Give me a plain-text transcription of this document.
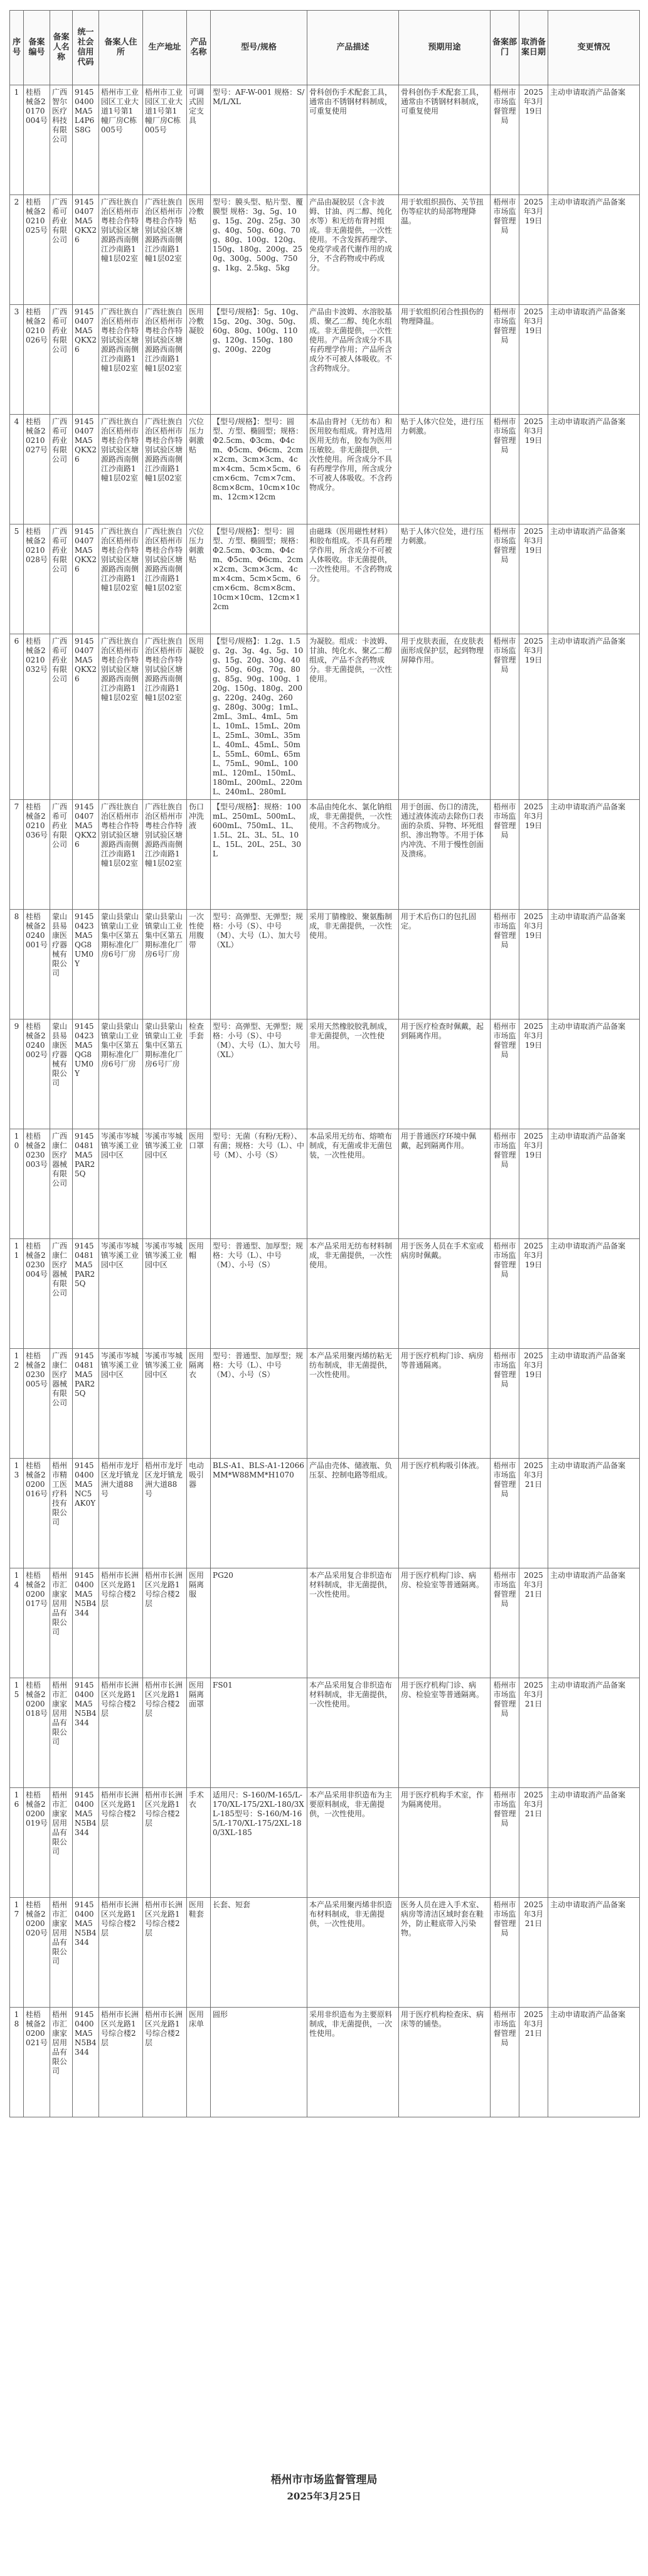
序号	备案编号	备案人名称	统一社会信用代码	备案人住所	生产地址	产品名称	型号/规格	产品描述	预期用途	备案部门	取消备案日期	变更情况
1	桂梧械备20170004号	广西智尔医疗科技有限公司	91450400MA5L4P6S8G	梧州市工业园区工业大道1号第1幢厂房C栋005号	梧州市工业园区工业大道1号第1幢厂房C栋005号	可调式固定支具	型号：AF-W-001 规格：S/M/L/XL	骨科创伤手术配套工具，通常由不锈钢材料制成，可重复使用	骨科创伤手术配套工具，通常由不锈钢材料制成，可重复使用	梧州市市场监督管理局	2025年3月19日	主动申请取消产品备案
2	桂梧械备20210025号	广西希可药业有限公司	91450407MA5QKX26	广西壮族自治区梧州市粤桂合作特别试验区塘源路西南侧江沙南路1幢1层02室	广西壮族自治区梧州市粤桂合作特别试验区塘源路西南侧江沙南路1幢1层02室	医用冷敷贴	型号：膜头型、贴片型、覆膜型 规格：3g、5g、10g、15g、20g、25g、30g、40g、50g、60g、70g、80g、100g、120g、150g、180g、200g、250g、300g、500g、750g、1kg、2.5kg、5kg	产品由凝胶层（含卡波姆、甘油、丙二醇、纯化水等）和无纺布背衬组成。非无菌提供，一次性使用。不含发挥药理学、免疫学或者代谢作用的成分，不含药物或中药成分。	用于软组织损伤、关节扭伤等症状的局部物理降温。	梧州市市场监督管理局	2025年3月19日	主动申请取消产品备案
3	桂梧械备20210026号	广西希可药业有限公司	91450407MA5QKX26	广西壮族自治区梧州市粤桂合作特别试验区塘源路西南侧江沙南路1幢1层02室	广西壮族自治区梧州市粤桂合作特别试验区塘源路西南侧江沙南路1幢1层02室	医用冷敷凝胶	【型号/规格】：5g、10g、15g、20g、30g、50g、60g、80g、100g、110g、120g、150g、180g、200g、220g	产品由卡波姆、水溶胶基质、聚乙二醇、纯化水组成。非无菌提供，一次性使用。产品所含成分不具有药理学作用；产品所含成分不可被人体吸收。不含药物成分。	用于软组织闭合性损伤的物理降温。	梧州市市场监督管理局	2025年3月19日	主动申请取消产品备案
4	桂梧械备20210027号	广西希可药业有限公司	91450407MA5QKX26	广西壮族自治区梧州市粤桂合作特别试验区塘源路西南侧江沙南路1幢1层02室	广西壮族自治区梧州市粤桂合作特别试验区塘源路西南侧江沙南路1幢1层02室	穴位压力刺激贴	【型号/规格】：型号：圆型、方型、椭圆型；规格：Φ2.5cm、Φ3cm、Φ4cm、Φ5cm、Φ6cm、2cm×2cm、3cm×3cm、4cm×4cm、5cm×5cm、6cm×6cm、7cm×7cm、8cm×8cm、10cm×10cm、12cm×12cm	本品由背衬（无纺布）和医用胶布组成。背衬选用医用无纺布，胶布为医用压敏胶。非无菌提供，一次性使用。所含成分不具有药理学作用，所含成分不可被人体吸收。不含药物成分。	贴于人体穴位处，进行压力刺激。	梧州市市场监督管理局	2025年3月19日	主动申请取消产品备案
5	桂梧械备20210028号	广西希可药业有限公司	91450407MA5QKX26	广西壮族自治区梧州市粤桂合作特别试验区塘源路西南侧江沙南路1幢1层02室	广西壮族自治区梧州市粤桂合作特别试验区塘源路西南侧江沙南路1幢1层02室	穴位压力刺激贴	【型号/规格】：型号：圆型、方型、椭圆型；规格：Φ2.5cm、Φ3cm、Φ4cm、Φ5cm、Φ6cm、2cm×2cm、3cm×3cm、4cm×4cm、5cm×5cm、6cm×6cm、8cm×8cm、10cm×10cm、12cm×12cm	由磁珠（医用磁性材料）和胶布组成。不具有药理学作用，所含成分不可被人体吸收。非无菌提供，一次性使用。不含药物成分。	贴于人体穴位处，进行压力刺激。	梧州市市场监督管理局	2025年3月19日	主动申请取消产品备案
6	桂梧械备20210032号	广西希可药业有限公司	91450407MA5QKX26	广西壮族自治区梧州市粤桂合作特别试验区塘源路西南侧江沙南路1幢1层02室	广西壮族自治区梧州市粤桂合作特别试验区塘源路西南侧江沙南路1幢1层02室	医用凝胶	【型号/规格】：1.2g、1.5g、2g、3g、4g、5g、10g、15g、20g、30g、40g、50g、60g、70g、80g、85g、90g、100g、120g、150g、180g、200g、220g、240g、260g、280g、300g；1mL、2mL、3mL、4mL、5mL、10mL、15mL、20mL、25mL、30mL、35mL、40mL、45mL、50mL、55mL、60mL、65mL、75mL、90mL、100mL、120mL、150mL、180mL、200mL、220mL、240mL、280mL	为凝胶。组成：卡波姆、甘油、纯化水、聚乙二醇组成，产品不含药物成分。非无菌提供，一次性使用。	用于皮肤表面，在皮肤表面形成保护层，起到物理屏障作用。	梧州市市场监督管理局	2025年3月19日	主动申请取消产品备案
7	桂梧械备20210036号	广西希可药业有限公司	91450407MA5QKX26	广西壮族自治区梧州市粤桂合作特别试验区塘源路西南侧江沙南路1幢1层02室	广西壮族自治区梧州市粤桂合作特别试验区塘源路西南侧江沙南路1幢1层02室	伤口冲洗液	【型号/规格】：规格：100mL、250mL、500mL、600mL、750mL、1L、1.5L、2L、3L、5L、10L、15L、20L、25L、30L	本品由纯化水、氯化钠组成，非无菌提供，一次性使用。不含药物成分。	用于创面、伤口的清洗，通过液体流动去除伤口表面的杂质、异物、坏死组织、渗出物等。不用于体内冲洗、不用于慢性创面及溃疡。	梧州市市场监督管理局	2025年3月19日	主动申请取消产品备案
8	桂梧械备20240001号	蒙山县易康医疗器械有限公司	91450423MA5QG8UM0Y	蒙山县蒙山镇蒙山工业集中区第五期标准化厂房6号厂房	蒙山县蒙山镇蒙山工业集中区第五期标准化厂房6号厂房	一次性使用腹带	型号：高弹型、无弹型；规格：小号（S）、中号（M）、大号（L）、加大号（XL）	采用丁腈橡胶、聚氨酯制成，非无菌提供，一次性使用。	用于术后伤口的包扎固定。	梧州市市场监督管理局	2025年3月19日	主动申请取消产品备案
9	桂梧械备20240002号	蒙山县易康医疗器械有限公司	91450423MA5QG8UM0Y	蒙山县蒙山镇蒙山工业集中区第五期标准化厂房6号厂房	蒙山县蒙山镇蒙山工业集中区第五期标准化厂房6号厂房	检查手套	型号：高弹型、无弹型；规格：小号（S）、中号（M）、大号（L）、加大号（XL）	采用天然橡胶胶乳制成，非无菌提供，一次性使用。	用于医疗检查时佩戴，起到隔离作用。	梧州市市场监督管理局	2025年3月19日	主动申请取消产品备案
10	桂梧械备20230003号	广西康仁医疗器械有限公司	91450481MA5PAR25Q	岑溪市岑城镇岑溪工业园中区	岑溪市岑城镇岑溪工业园中区	医用口罩	型号：无菌（有粉/无粉）、有菌；规格：大号（L）、中号（M）、小号（S）	本品采用无纺布、熔喷布制成，有无菌或非无菌包装，一次性使用。	用于普通医疗环境中佩戴，起到隔离作用。	梧州市市场监督管理局	2025年3月19日	主动申请取消产品备案
11	桂梧械备20230004号	广西康仁医疗器械有限公司	91450481MA5PAR25Q	岑溪市岑城镇岑溪工业园中区	岑溪市岑城镇岑溪工业园中区	医用帽	型号：普通型、加厚型；规格：大号（L）、中号（M）、小号（S）	本产品采用无纺布材料制成，非无菌提供，一次性使用。	用于医务人员在手术室或病房时佩戴。	梧州市市场监督管理局	2025年3月19日	主动申请取消产品备案
12	桂梧械备20230005号	广西康仁医疗器械有限公司	91450481MA5PAR25Q	岑溪市岑城镇岑溪工业园中区	岑溪市岑城镇岑溪工业园中区	医用隔离衣	型号：普通型、加厚型；规格：大号（L）、中号（M）、小号（S）	本产品采用聚丙烯纺粘无纺布制成，非无菌提供，一次性使用。	用于医疗机构门诊、病房等普通隔离。	梧州市市场监督管理局	2025年3月19日	主动申请取消产品备案
13	桂梧械备20200016号	梧州市精工医疗科技有限公司	91450400MA5NC5AK0Y	梧州市龙圩区龙圩镇龙洲大道88号	梧州市龙圩区龙圩镇龙洲大道88号	电动吸引器	BLS-A1、BLS-A1-12066MM*W88MM*H1070	产品由壳体、储液瓶、负压泵、控制电路等组成。	用于医疗机构吸引体液。	梧州市市场监督管理局	2025年3月21日	主动申请取消产品备案
14	桂梧械备20200017号	梧州市汇康家居用品有限公司	91450400MA5N5B4344	梧州市长洲区兴龙路1号综合楼2层	梧州市长洲区兴龙路1号综合楼2层	医用隔离服	PG20	本产品采用复合非织造布材料制成，非无菌提供，一次性使用。	用于医疗机构门诊、病房、检验室等普通隔离。	梧州市市场监督管理局	2025年3月21日	主动申请取消产品备案
15	桂梧械备20200018号	梧州市汇康家居用品有限公司	91450400MA5N5B4344	梧州市长洲区兴龙路1号综合楼2层	梧州市长洲区兴龙路1号综合楼2层	医用隔离面罩	FS01	本产品采用复合非织造布材料制成，非无菌提供，一次性使用。	用于医疗机构门诊、病房、检验室等普通隔离。	梧州市市场监督管理局	2025年3月21日	主动申请取消产品备案
16	桂梧械备20200019号	梧州市汇康家居用品有限公司	91450400MA5N5B4344	梧州市长洲区兴龙路1号综合楼2层	梧州市长洲区兴龙路1号综合楼2层	手术衣	适用尺：S-160/M-165/L-170/XL-175/2XL-180/3XL-185型号：S-160/M-165/L-170/XL-175/2XL-180/3XL-185	本产品采用非织造布为主要原料制成，非无菌提供，一次性使用。	用于医疗机构手术室，作为隔离使用。	梧州市市场监督管理局	2025年3月21日	主动申请取消产品备案
17	桂梧械备20200020号	梧州市汇康家居用品有限公司	91450400MA5N5B4344	梧州市长洲区兴龙路1号综合楼2层	梧州市长洲区兴龙路1号综合楼2层	医用鞋套	长套、短套	本产品采用聚丙烯非织造布材料制成，非无菌提供，一次性使用。	医务人员在进入手术室、病房等清洁区域时套在鞋外，防止鞋底带入污染物。	梧州市市场监督管理局	2025年3月21日	主动申请取消产品备案
18	桂梧械备20200021号	梧州市汇康家居用品有限公司	91450400MA5N5B4344	梧州市长洲区兴龙路1号综合楼2层	梧州市长洲区兴龙路1号综合楼2层	医用床单	圆形	采用非织造布为主要原料制成，非无菌提供，一次性使用。	用于医疗机构检查床、病床等的铺垫。	梧州市市场监督管理局	2025年3月21日	主动申请取消产品备案
梧州市市场监督管理局
2025年3月25日
